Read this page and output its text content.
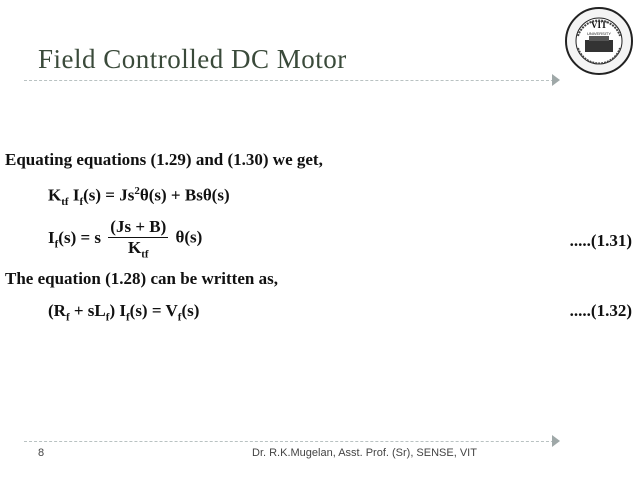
VIT
UNIVERSITY
Field Controlled DC Motor
Equating equations (1.29) and (1.30) we get,
$K_{tf}$ $I_f(s) = Js^2\theta(s) + Bs\theta(s)$
$I_f(s) = s \frac{(Js + B)}{K_{tf}} \theta(s)$	.....(1.31)
The equation (1.28) can be written as,
$(R_f + sL_f) I_f(s) = V_f(s)$	.....(1.32)
8	Dr. R.K.Mugelan, Asst. Prof. (Sr), SENSE, VIT
